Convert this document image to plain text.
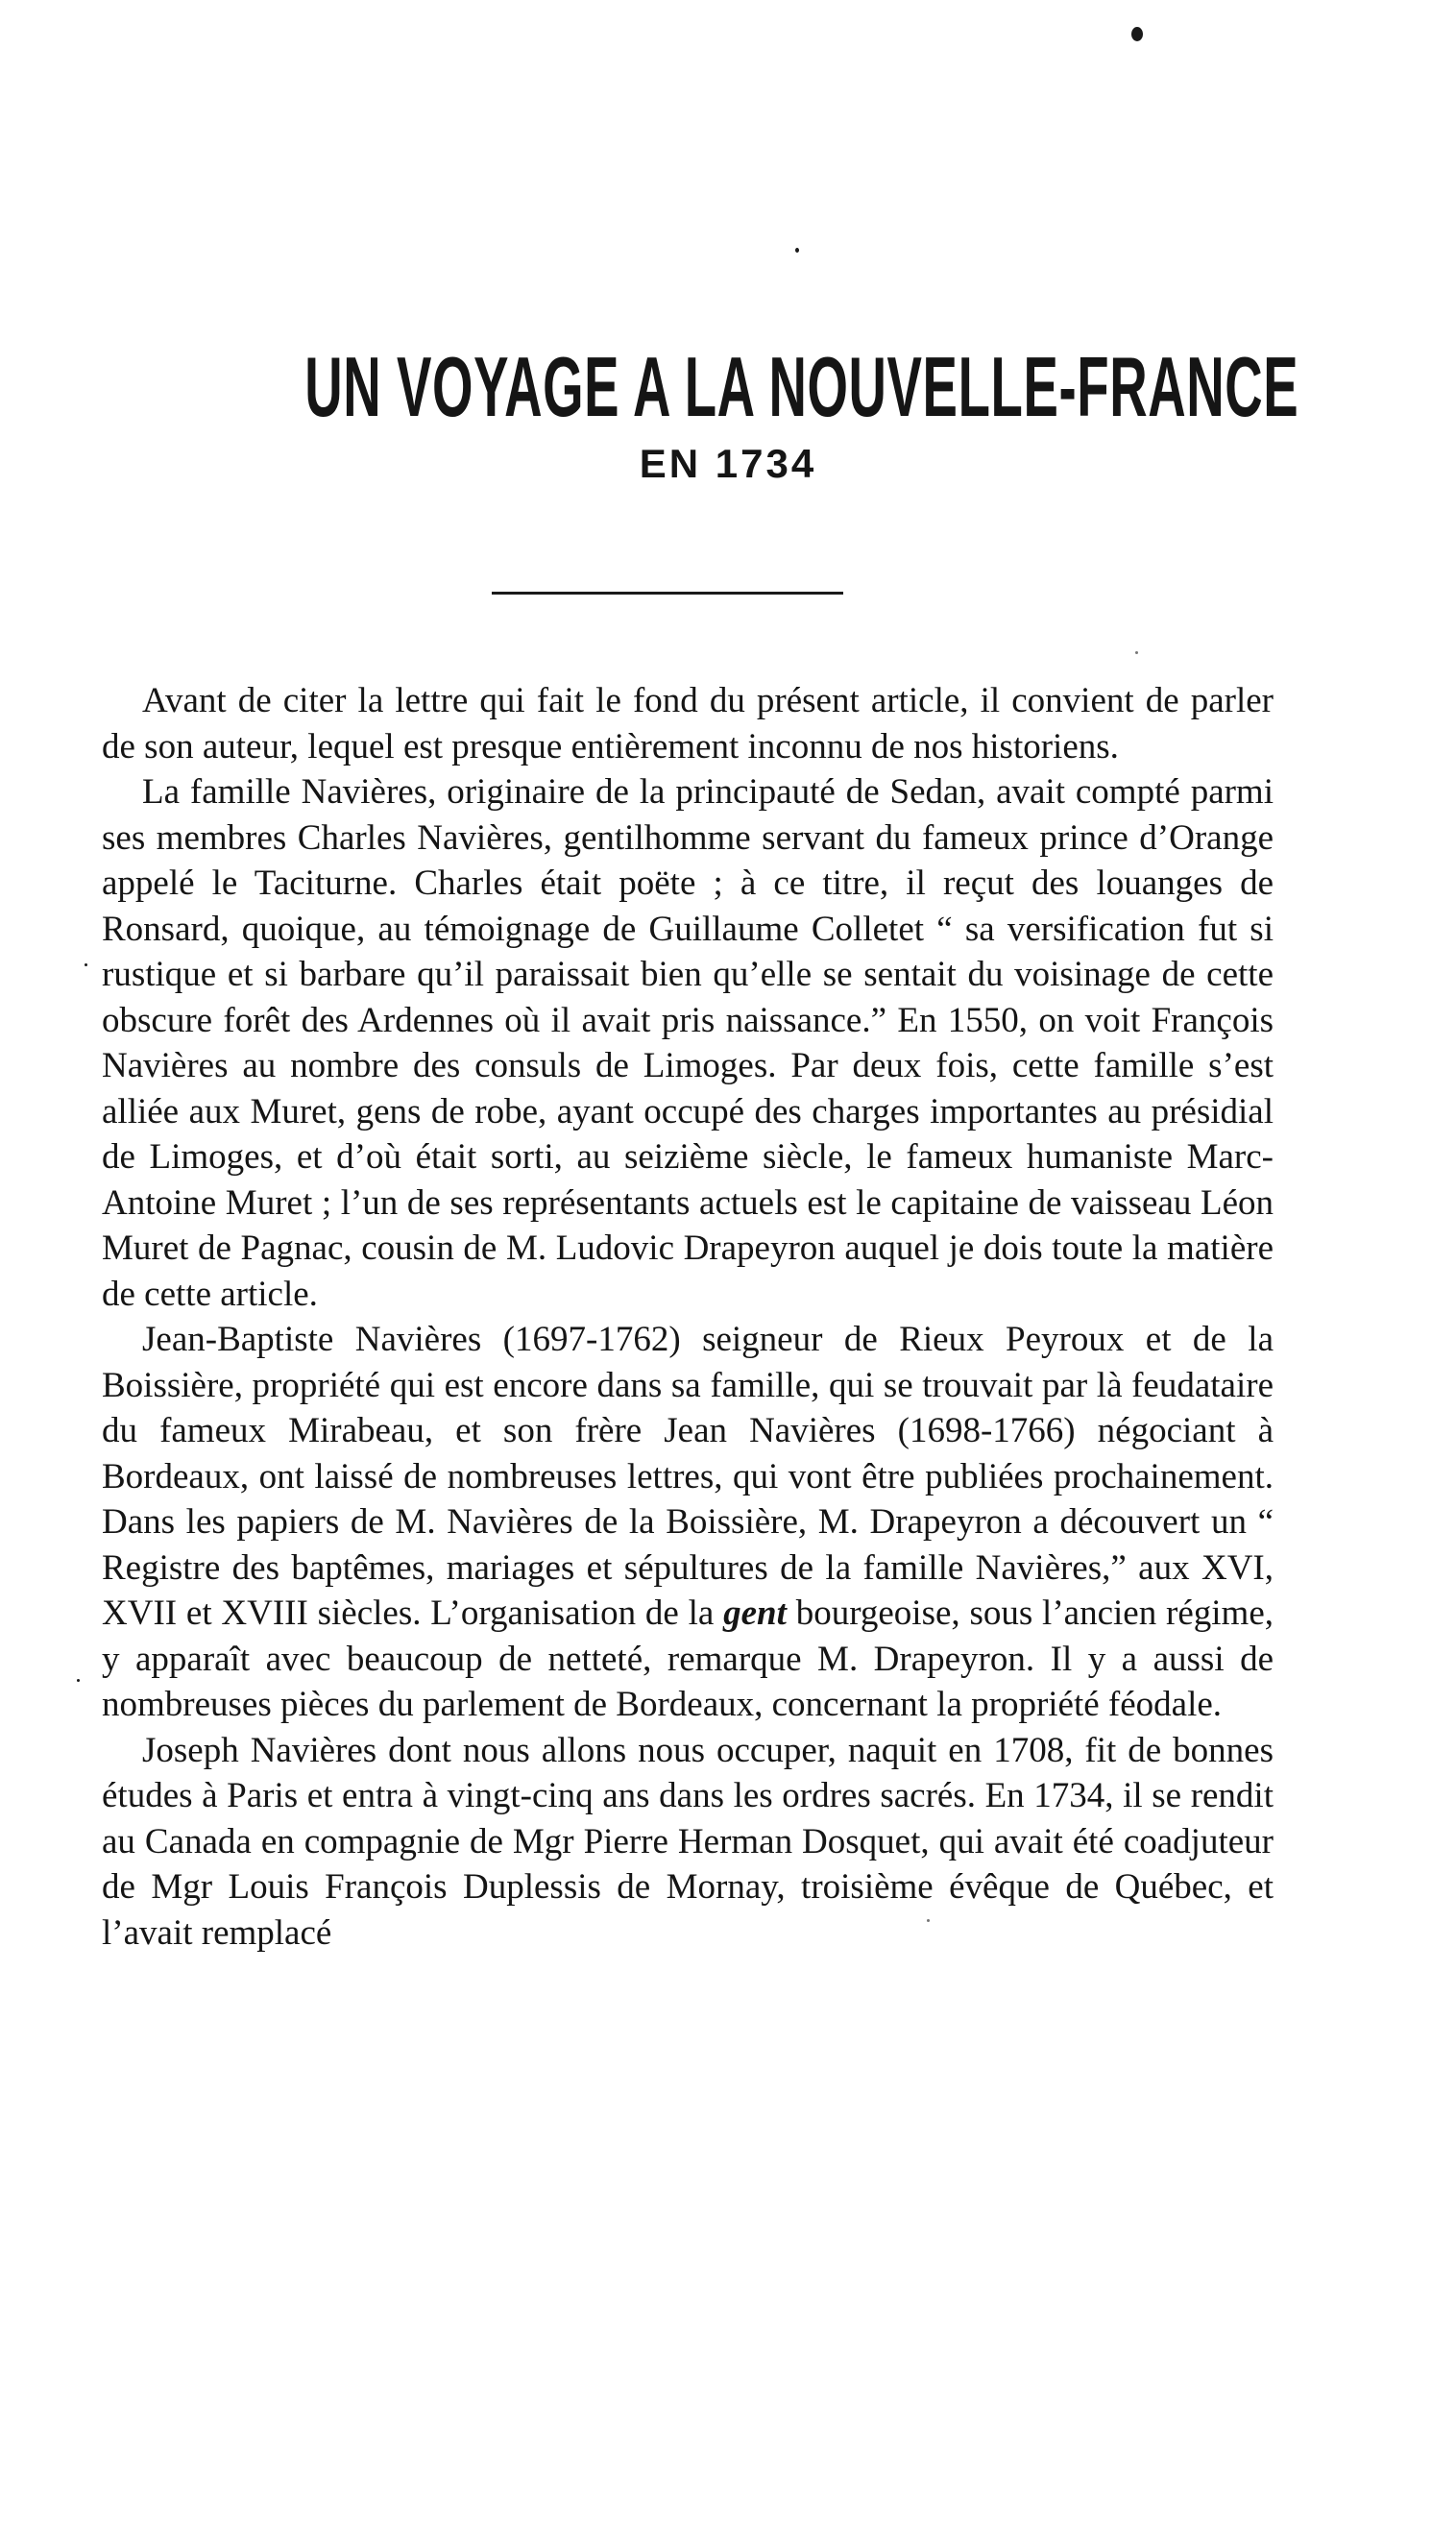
UN VOYAGE A LA NOUVELLE-FRANCE
EN 1734

Avant de citer la lettre qui fait le fond du présent article, il convient de parler de son auteur, lequel est presque entièrement inconnu de nos historiens.

La famille Navières, originaire de la principauté de Sedan, avait compté parmi ses membres Charles Navières, gentilhomme servant du fameux prince d’Orange appelé le Taciturne. Charles était poëte ; à ce titre, il reçut des louanges de Ronsard, quoique, au témoignage de Guillaume Colletet “ sa versification fut si rustique et si barbare qu’il paraissait bien qu’elle se sentait du voisinage de cette obscure forêt des Ardennes où il avait pris naissance.” En 1550, on voit François Navières au nombre des consuls de Limoges. Par deux fois, cette famille s’est alliée aux Muret, gens de robe, ayant occupé des charges importantes au présidial de Limoges, et d’où était sorti, au seizième siècle, le fameux humaniste Marc-Antoine Muret ; l’un de ses représentants actuels est le capitaine de vaisseau Léon Muret de Pagnac, cousin de M. Ludovic Drapeyron auquel je dois toute la matière de cette article.

Jean-Baptiste Navières (1697-1762) seigneur de Rieux Peyroux et de la Boissière, propriété qui est encore dans sa famille, qui se trouvait par là feudataire du fameux Mirabeau, et son frère Jean Navières (1698-1766) négociant à Bordeaux, ont laissé de nombreuses lettres, qui vont être publiées prochainement. Dans les papiers de M. Navières de la Boissière, M. Drapeyron a découvert un “ Registre des baptêmes, mariages et sépultures de la famille Navières,” aux XVI, XVII et XVIII siècles. L’organisation de la gent bourgeoise, sous l’ancien régime, y apparaît avec beaucoup de netteté, remarque M. Drapeyron. Il y a aussi de nombreuses pièces du parlement de Bordeaux, concernant la propriété féodale.

Joseph Navières dont nous allons nous occuper, naquit en 1708, fit de bonnes études à Paris et entra à vingt-cinq ans dans les ordres sacrés. En 1734, il se rendit au Canada en compagnie de Mgr Pierre Herman Dosquet, qui avait été coadjuteur de Mgr Louis François Duplessis de Mornay, troisième évêque de Québec, et l’avait remplacé
